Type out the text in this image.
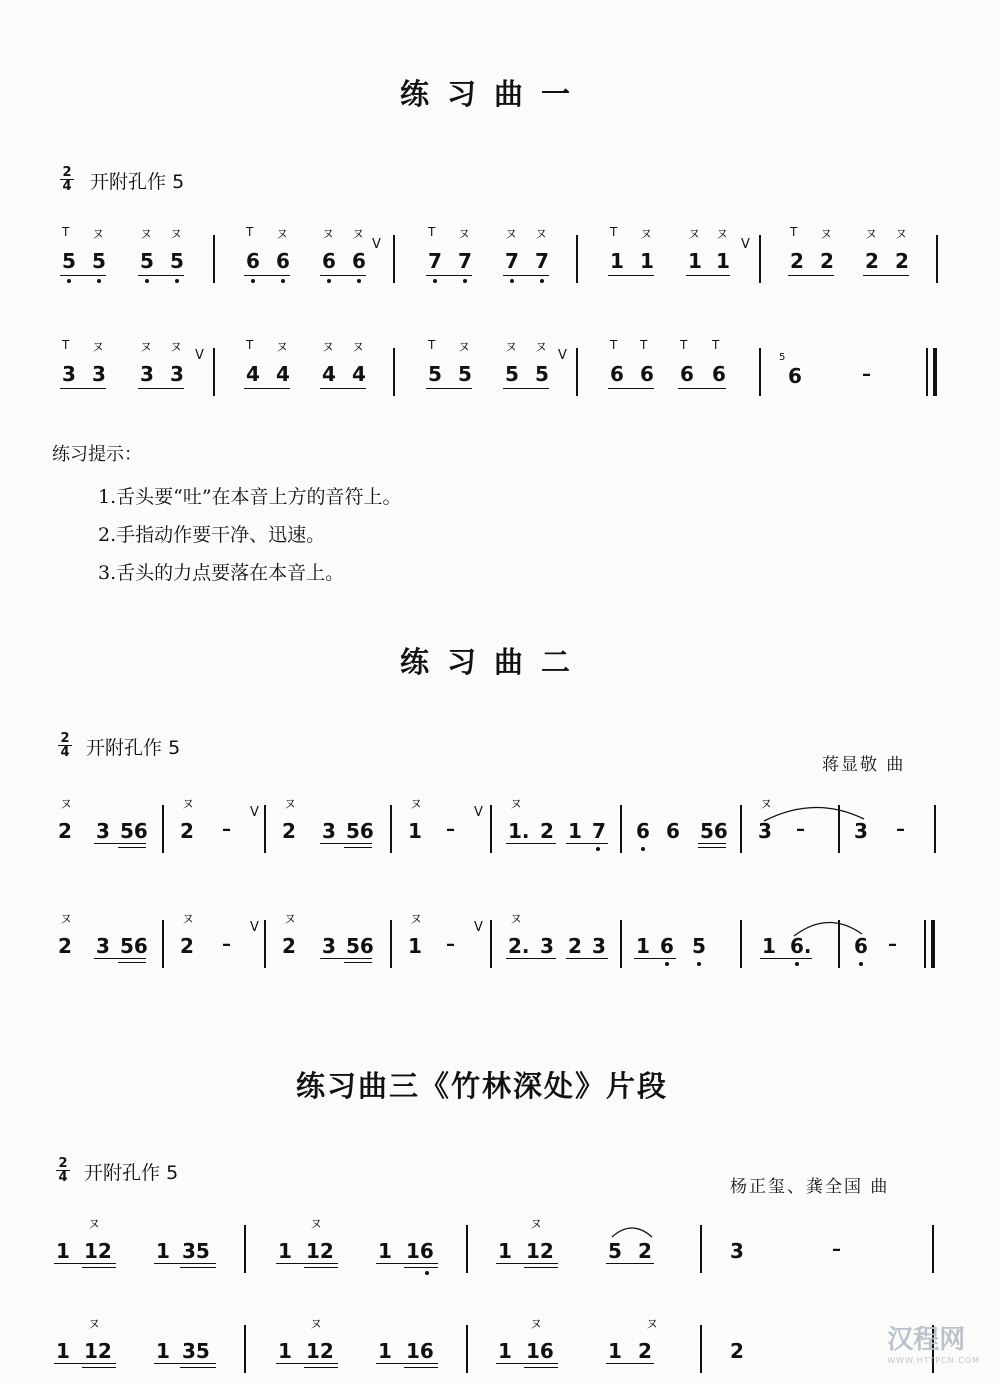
练习曲一
$\frac{2}{4}$ 开附孔作 5
T ヌ	ヌ ヌ
5 5 5 5
T ヌ	ヌ ヌ
V
6 6 6 6
T ヌ	ヌ ヌ
7 7 7 7
T ヌ	ヌ ヌ
V
1 1 1 1
T ヌ	ヌ ヌ
2 2 2 2
T ヌ	ヌ ヌ
V
3 3 3 3
T ヌ	ヌ ヌ
4 4 4 4
T ヌ	ヌ ヌ
V
5 5 5 5
T T	T T
6 6 6 6
5
6	–
练习提示：
1.舌头要“吐”在本音上方的音符上。
2.手指动作要干净、迅速。
3.舌头的力点要落在本音上。
练习曲二
$\frac{2}{4}$ 开附孔作 5
蒋显敬 曲
ヌ
2 3 56
ヌ
2 –
V
ヌ
2 3 56
ヌ
1 –
V
ヌ
1. 2 1 7 6 6 56
ヌ
3 – 3 –
ヌ
2 3 56
ヌ
2 –
V
ヌ
2 3 56
ヌ
1 –
V
ヌ
2. 3 2 3 1 6 5	1 6. 6 –
练习曲三《竹林深处》片段
$\frac{2}{4}$ 开附孔作 5
杨正玺、龚全国 曲
ヌ
1 12 1 35
ヌ
1 12 1 16
ヌ
1 12	5 2	3	–
ヌ
1 12 1 35
ヌ
1 12 1 16
ヌ	ヌ
1 16	1 2	2	汉程网
WWW.HTTPCN.COM
